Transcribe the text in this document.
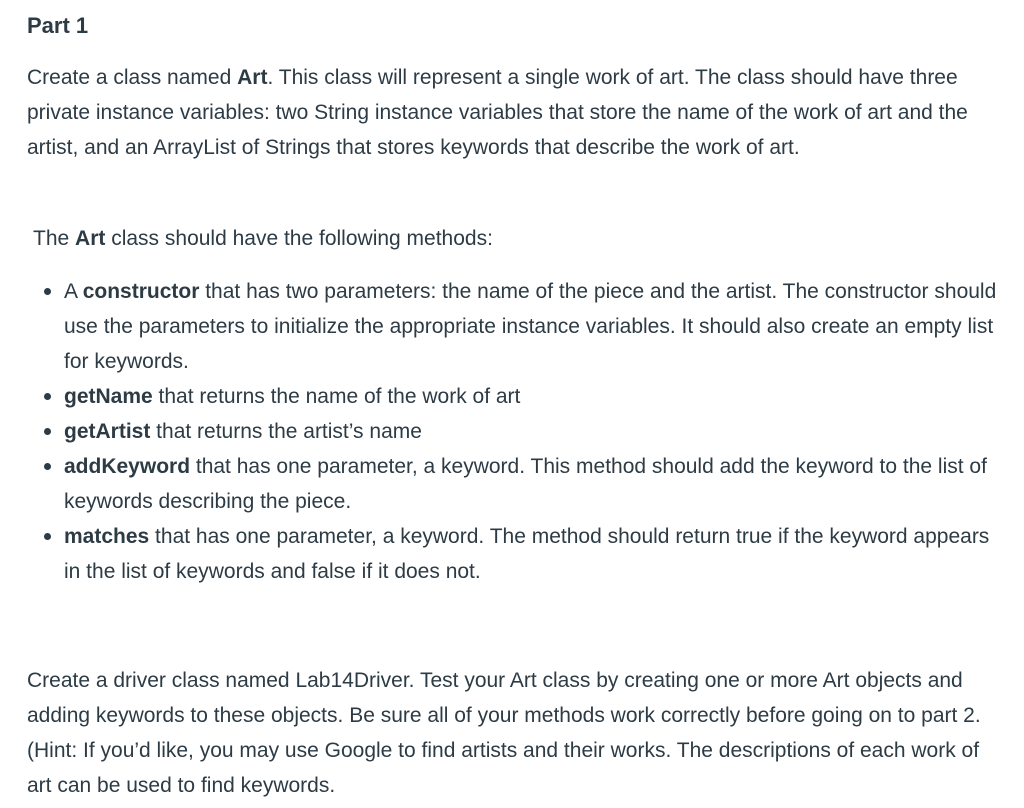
Part 1

Create a class named Art. This class will represent a single work of art. The class should have three private instance variables: two String instance variables that store the name of the work of art and the artist, and an ArrayList of Strings that stores keywords that describe the work of art.

The Art class should have the following methods:

A constructor that has two parameters: the name of the piece and the artist. The constructor should use the parameters to initialize the appropriate instance variables. It should also create an empty list for keywords.
getName that returns the name of the work of art
getArtist that returns the artist’s name
addKeyword that has one parameter, a keyword. This method should add the keyword to the list of keywords describing the piece.
matches that has one parameter, a keyword. The method should return true if the keyword appears in the list of keywords and false if it does not.

Create a driver class named Lab14Driver. Test your Art class by creating one or more Art objects and adding keywords to these objects. Be sure all of your methods work correctly before going on to part 2. (Hint: If you’d like, you may use Google to find artists and their works. The descriptions of each work of art can be used to find keywords.
